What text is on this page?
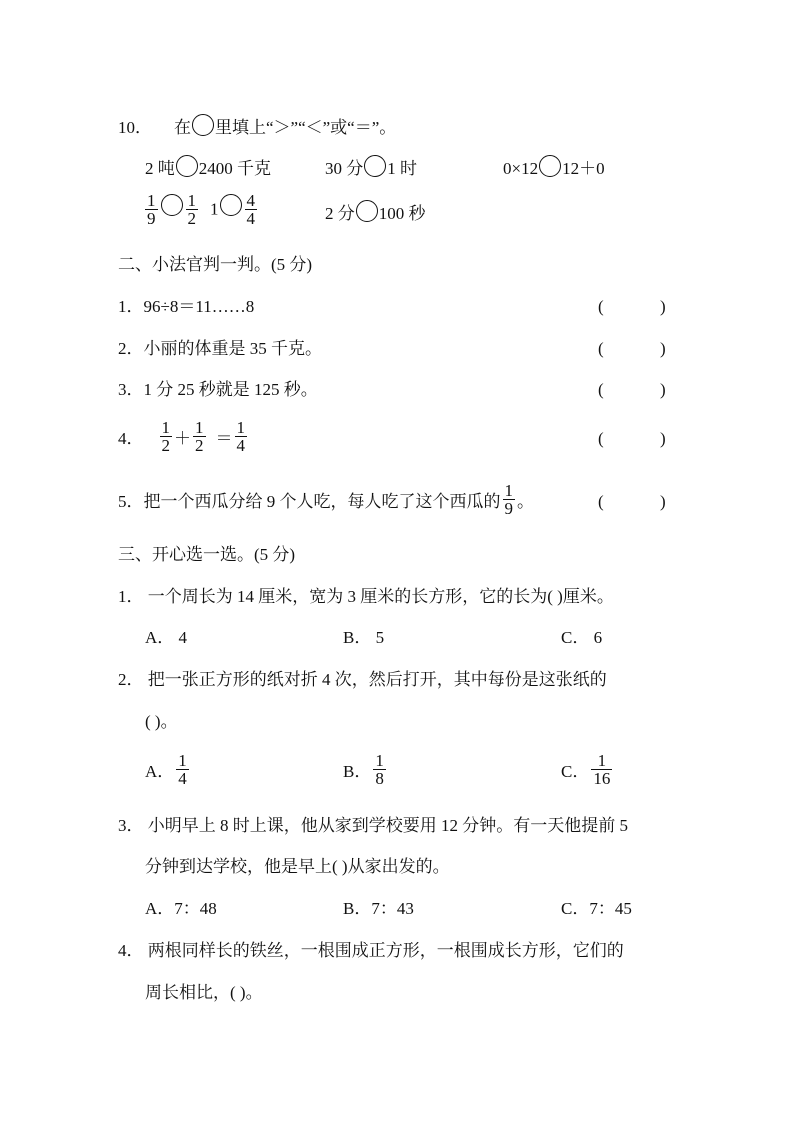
10． 在 里填上“＞”“＜”或“＝”。
2 吨 2400 千克	30 分 1 时	0×12 12＋0
$\frac{1}{9} \frac{1}{2} 1 \frac{4}{4}$	2 分 100 秒
二、小法官判一判。(5 分)
1．96÷8＝11……8	(	)
2．小丽的体重是 35 千克。	(	)
3．1 分 25 秒就是 125 秒。	(	)
4． $\frac{1}{2} + \frac{1}{2} = \frac{1}{4}$	(	)
5．把一个西瓜分给 9 个人吃，每人吃了这个西瓜的 $\frac{1}{9}$ 。	(	)
三、开心选一选。(5 分)
1． 一个周长为 14 厘米，宽为 3 厘米的长方形，它的长为( )厘米。
A． 4	B． 5	C． 6
2． 把一张正方形的纸对折 4 次，然后打开，其中每份是这张纸的
( )。
A． $\frac{1}{4}$	B． $\frac{1}{8}$	C． $\frac{1}{16}$
3． 小明早上 8 时上课，他从家到学校要用 12 分钟。有一天他提前 5
分钟到达学校，他是早上( )从家出发的。
A．7：48	B．7：43	C．7：45
4． 两根同样长的铁丝，一根围成正方形，一根围成长方形，它们的
周长相比，( )。
